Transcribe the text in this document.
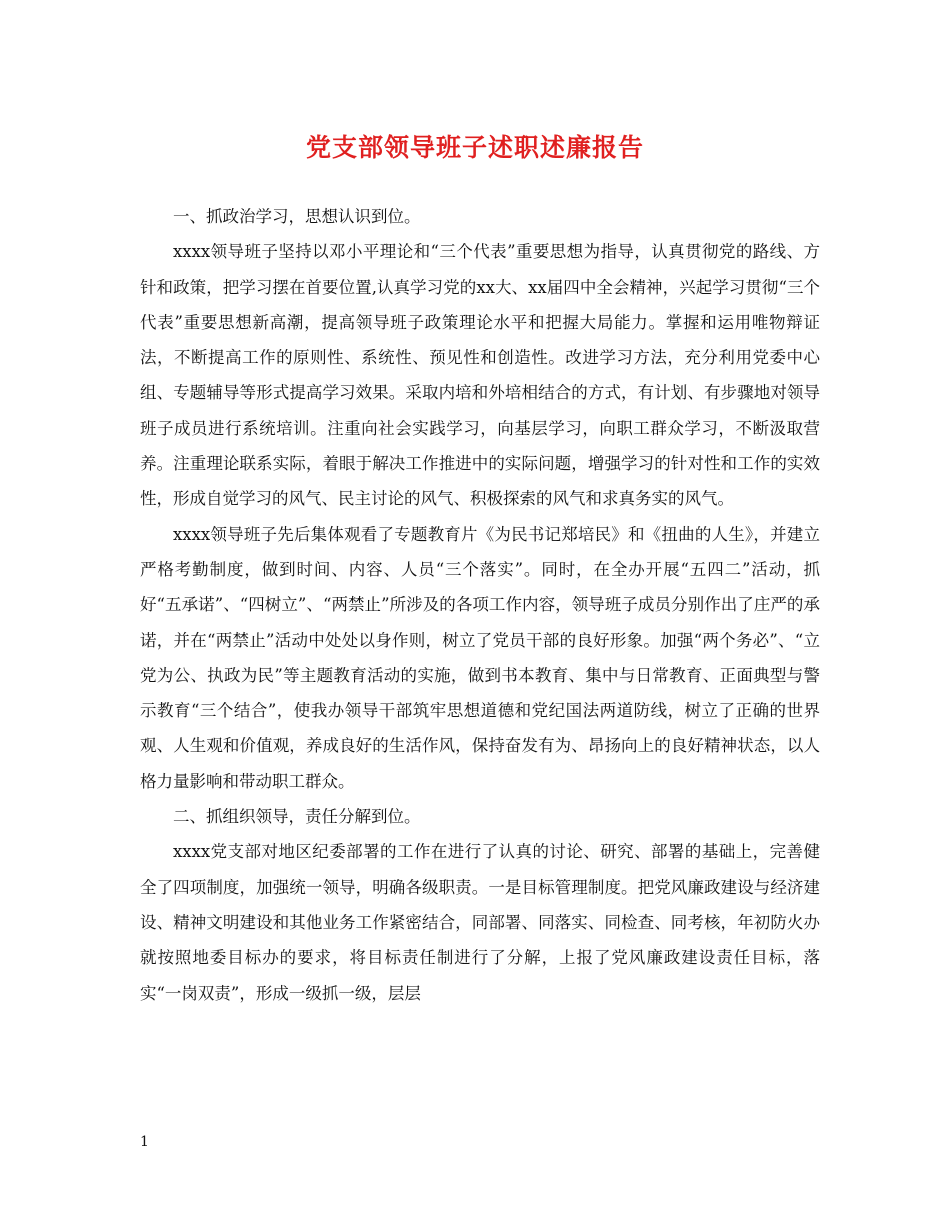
党支部领导班子述职述廉报告

一、抓政治学习，思想认识到位。

xxxx领导班子坚持以邓小平理论和“三个代表”重要思想为指导，认真贯彻党的路线、方针和政策，把学习摆在首要位置,认真学习党的xx大、xx届四中全会精神，兴起学习贯彻“三个代表”重要思想新高潮，提高领导班子政策理论水平和把握大局能力。掌握和运用唯物辩证法，不断提高工作的原则性、系统性、预见性和创造性。改进学习方法，充分利用党委中心组、专题辅导等形式提高学习效果。采取内培和外培相结合的方式，有计划、有步骤地对领导班子成员进行系统培训。注重向社会实践学习，向基层学习，向职工群众学习，不断汲取营养。注重理论联系实际，着眼于解决工作推进中的实际问题，增强学习的针对性和工作的实效性，形成自觉学习的风气、民主讨论的风气、积极探索的风气和求真务实的风气。

xxxx领导班子先后集体观看了专题教育片《为民书记郑培民》和《扭曲的人生》，并建立严格考勤制度，做到时间、内容、人员“三个落实”。同时，在全办开展“五四二”活动，抓好“五承诺”、“四树立”、“两禁止”所涉及的各项工作内容，领导班子成员分别作出了庄严的承诺，并在“两禁止”活动中处处以身作则，树立了党员干部的良好形象。加强“两个务必”、“立党为公、执政为民”等主题教育活动的实施，做到书本教育、集中与日常教育、正面典型与警示教育“三个结合”，使我办领导干部筑牢思想道德和党纪国法两道防线，树立了正确的世界观、人生观和价值观，养成良好的生活作风，保持奋发有为、昂扬向上的良好精神状态，以人格力量影响和带动职工群众。

二、抓组织领导，责任分解到位。

xxxx党支部对地区纪委部署的工作在进行了认真的讨论、研究、部署的基础上，完善健全了四项制度，加强统一领导，明确各级职责。一是目标管理制度。把党风廉政建设与经济建设、精神文明建设和其他业务工作紧密结合，同部署、同落实、同检查、同考核，年初防火办就按照地委目标办的要求，将目标责任制进行了分解，上报了党风廉政建设责任目标，落实“一岗双责”，形成一级抓一级，层层

1
